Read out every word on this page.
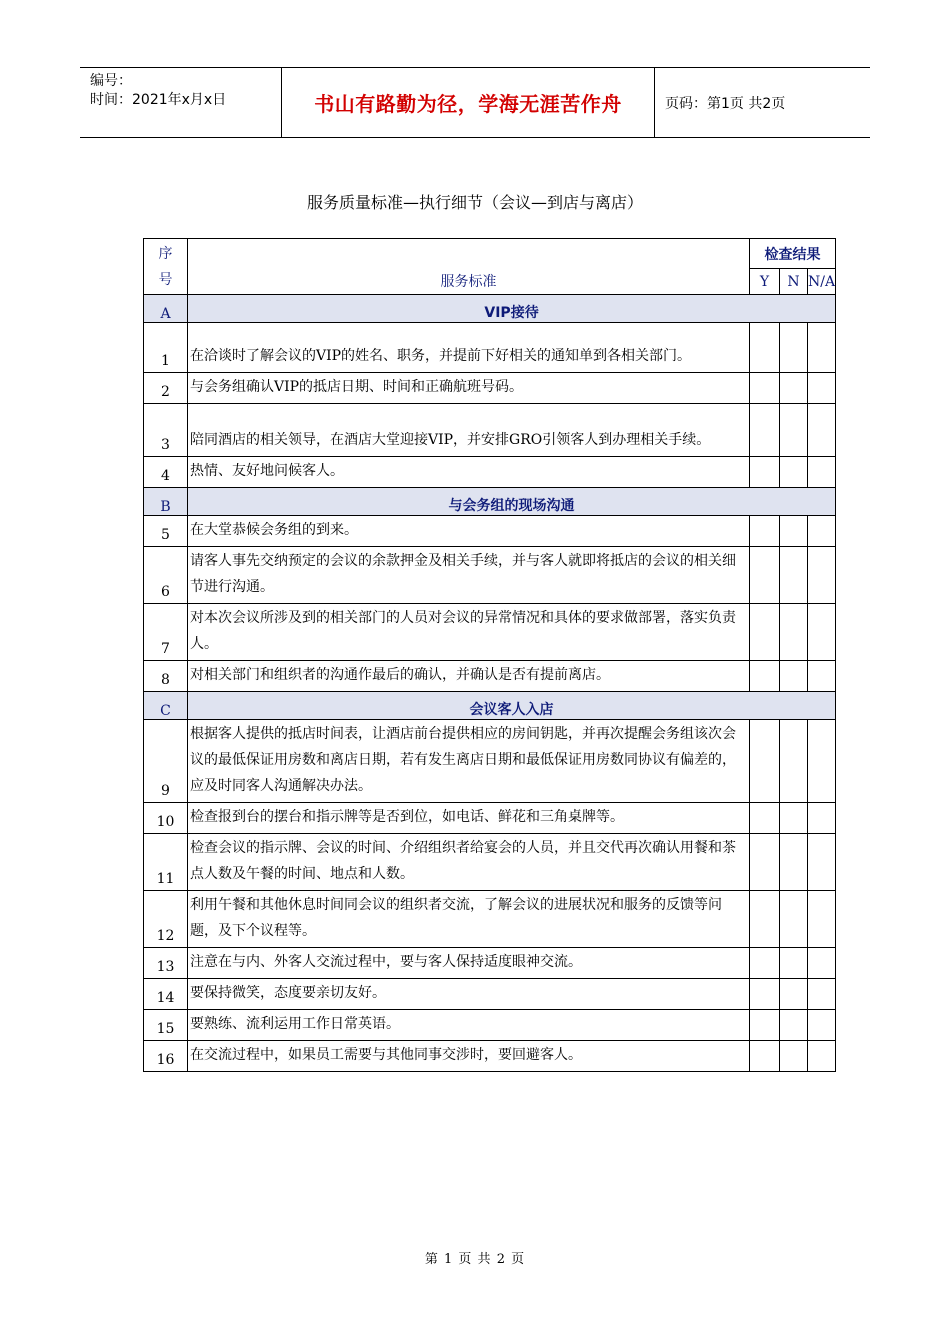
编号：
时间：2021年x月x日	书山有路勤为径，学海无涯苦作舟	页码：第1页 共2页
服务质量标准—执行细节（会议—到店与离店）
序号	服务标准	检查结果		
		Y	N	N/A
A	VIP接待			
1	在洽谈时了解会议的VIP的姓名、职务，并提前下好相关的通知单到各相关部门。			
2	与会务组确认VIP的抵店日期、时间和正确航班号码。			
3	陪同酒店的相关领导，在酒店大堂迎接VIP，并安排GRO引领客人到办理相关手续。			
4	热情、友好地问候客人。			
B	与会务组的现场沟通			
5	在大堂恭候会务组的到来。			
6	请客人事先交纳预定的会议的余款押金及相关手续，并与客人就即将抵店的会议的相关细节进行沟通。			
7	对本次会议所涉及到的相关部门的人员对会议的异常情况和具体的要求做部署，落实负责人。			
8	对相关部门和组织者的沟通作最后的确认，并确认是否有提前离店。			
C	会议客人入店			
9	根据客人提供的抵店时间表，让酒店前台提供相应的房间钥匙，并再次提醒会务组该次会议的最低保证用房数和离店日期，若有发生离店日期和最低保证用房数同协议有偏差的，应及时同客人沟通解决办法。			
10	检查报到台的摆台和指示牌等是否到位，如电话、鲜花和三角桌牌等。			
11	检查会议的指示牌、会议的时间、介绍组织者给宴会的人员，并且交代再次确认用餐和茶点人数及午餐的时间、地点和人数。			
12	利用午餐和其他休息时间同会议的组织者交流，了解会议的进展状况和服务的反馈等问题，及下个议程等。			
13	注意在与内、外客人交流过程中，要与客人保持适度眼神交流。			
14	要保持微笑，态度要亲切友好。			
15	要熟练、流利运用工作日常英语。			
16	在交流过程中，如果员工需要与其他同事交涉时，要回避客人。			
第 1 页 共 2 页
